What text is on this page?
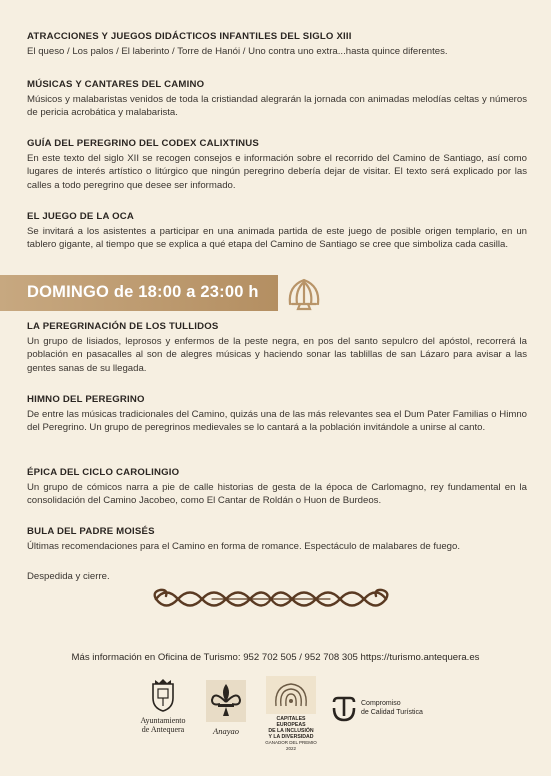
ATRACCIONES Y JUEGOS DIDÁCTICOS INFANTILES DEL SIGLO XIII

El queso / Los palos / El laberinto / Torre de Hanói / Uno contra uno extra...hasta quince diferentes.

MÚSICAS Y CANTARES DEL CAMINO

Músicos y malabaristas venidos de toda la cristiandad alegrarán la jornada con animadas melodías celtas y números de pericia acrobática y malabarista.

GUÍA DEL PEREGRINO DEL CODEX CALIXTINUS

En este texto del siglo XII se recogen consejos e información sobre el recorrido del Camino de Santiago, así como lugares de interés artístico o litúrgico que ningún peregrino debería dejar de visitar. El texto será explicado por las calles a todo peregrino que desee ser informado.

EL JUEGO DE LA OCA

Se invitará a los asistentes a participar en una animada partida de este juego de posible origen templario, en un tablero gigante, al tiempo que se explica a qué etapa del Camino de Santiago se cree que simboliza cada casilla.

DOMINGO de 18:00 a 23:00 h

LA PEREGRINACIÓN DE LOS TULLIDOS

Un grupo de lisiados, leprosos y enfermos de la peste negra, en pos del santo sepulcro del apóstol, recorrerá la población en pasacalles al son de alegres músicas y haciendo sonar las tablillas de san Lázaro para avisar a las gentes sanas de su llegada.

HIMNO DEL PEREGRINO

De entre las músicas tradicionales del Camino, quizás una de las más relevantes sea el Dum Pater Familias o Himno del Peregrino. Un grupo de peregrinos medievales se lo cantará a la población invitándole a unirse al canto.

ÉPICA DEL CICLO CAROLINGIO

Un grupo de cómicos narra a pie de calle historias de gesta de la época de Carlomagno, rey fundamental en la consolidación del Camino Jacobeo, como El Cantar de Roldán o Huon de Burdeos.

BULA DEL PADRE MOISÉS

Últimas recomendaciones para el Camino en forma de romance. Espectáculo de malabares de fuego.

Despedida y cierre.

Más información en Oficina de Turismo: 952 702 505 / 952 708 305 https://turismo.antequera.es
Ayuntamiento
de Antequera	Anayao
CAPITALES EUROPEAS
DE LA INCLUSIÓN
Y LA DIVERSIDAD
GANADOR DEL PREMIO 2022
Compromiso
de Calidad Turística
